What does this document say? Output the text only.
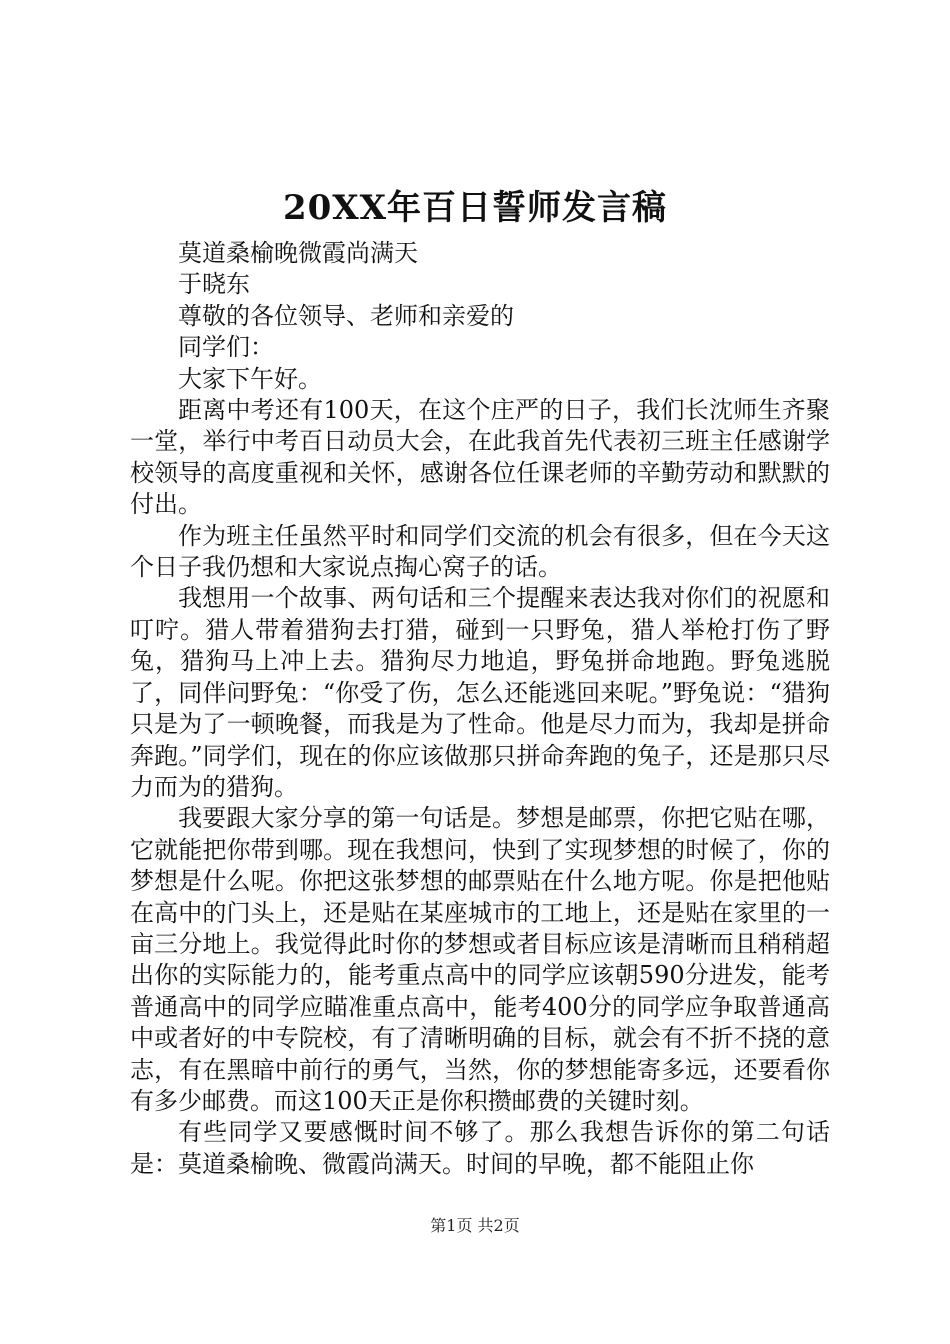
20XX年百日誓师发言稿

莫道桑榆晚微霞尚满天

于晓东

尊敬的各位领导、老师和亲爱的

同学们：

大家下午好。

距离中考还有100天，在这个庄严的日子，我们长沈师生齐聚一堂，举行中考百日动员大会，在此我首先代表初三班主任感谢学校领导的高度重视和关怀，感谢各位任课老师的辛勤劳动和默默的付出。

作为班主任虽然平时和同学们交流的机会有很多，但在今天这个日子我仍想和大家说点掏心窝子的话。

我想用一个故事、两句话和三个提醒来表达我对你们的祝愿和叮咛。猎人带着猎狗去打猎，碰到一只野兔，猎人举枪打伤了野兔，猎狗马上冲上去。猎狗尽力地追，野兔拼命地跑。野兔逃脱了，同伴问野兔：“你受了伤，怎么还能逃回来呢。”野兔说：“猎狗只是为了一顿晚餐，而我是为了性命。他是尽力而为，我却是拼命奔跑。”同学们，现在的你应该做那只拼命奔跑的兔子，还是那只尽力而为的猎狗。

我要跟大家分享的第一句话是。梦想是邮票，你把它贴在哪，它就能把你带到哪。现在我想问，快到了实现梦想的时候了，你的梦想是什么呢。你把这张梦想的邮票贴在什么地方呢。你是把他贴在高中的门头上，还是贴在某座城市的工地上，还是贴在家里的一亩三分地上。我觉得此时你的梦想或者目标应该是清晰而且稍稍超出你的实际能力的，能考重点高中的同学应该朝590分进发，能考普通高中的同学应瞄准重点高中，能考400分的同学应争取普通高中或者好的中专院校，有了清晰明确的目标，就会有不折不挠的意志，有在黑暗中前行的勇气，当然，你的梦想能寄多远，还要看你有多少邮费。而这100天正是你积攒邮费的关键时刻。

有些同学又要感慨时间不够了。那么我想告诉你的第二句话是：莫道桑榆晚、微霞尚满天。时间的早晚，都不能阻止你

第1页 共2页
